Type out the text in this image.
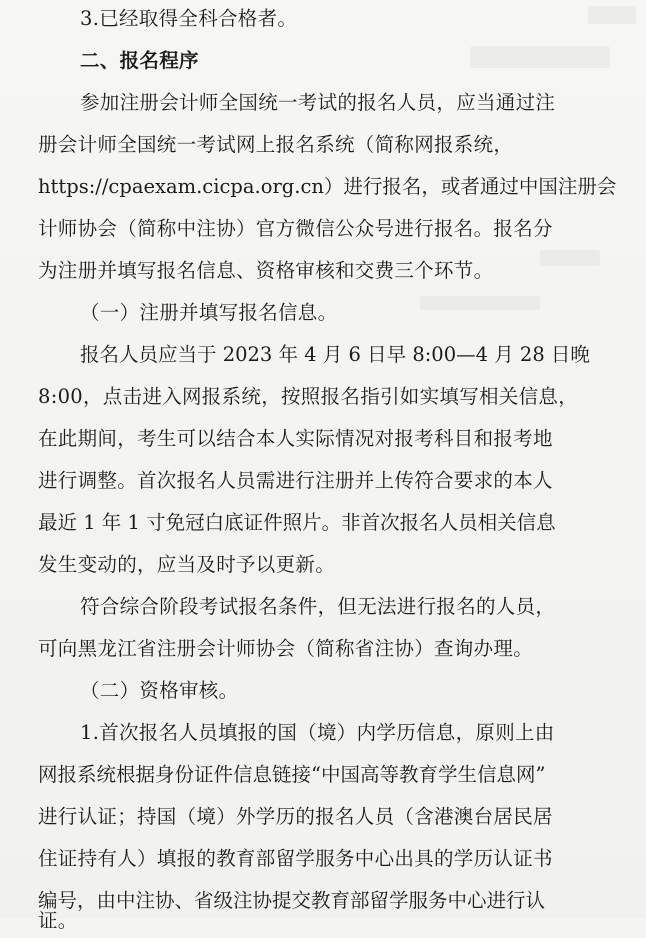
3.已经取得全科合格者。
二、报名程序
参加注册会计师全国统一考试的报名人员，应当通过注
册会计师全国统一考试网上报名系统（简称网报系统，
https://cpaexam.cicpa.org.cn）进行报名，或者通过中国注册会
计师协会（简称中注协）官方微信公众号进行报名。报名分
为注册并填写报名信息、资格审核和交费三个环节。
（一）注册并填写报名信息。
报名人员应当于 2023 年 4 月 6 日早 8:00—4 月 28 日晚
8:00，点击进入网报系统，按照报名指引如实填写相关信息，
在此期间，考生可以结合本人实际情况对报考科目和报考地
进行调整。首次报名人员需进行注册并上传符合要求的本人
最近 1 年 1 寸免冠白底证件照片。非首次报名人员相关信息
发生变动的，应当及时予以更新。
符合综合阶段考试报名条件，但无法进行报名的人员，
可向黑龙江省注册会计师协会（简称省注协）查询办理。
（二）资格审核。
1.首次报名人员填报的国（境）内学历信息，原则上由
网报系统根据身份证件信息链接“中国高等教育学生信息网”
进行认证；持国（境）外学历的报名人员（含港澳台居民居
住证持有人）填报的教育部留学服务中心出具的学历认证书
编号，由中注协、省级注协提交教育部留学服务中心进行认
证。
